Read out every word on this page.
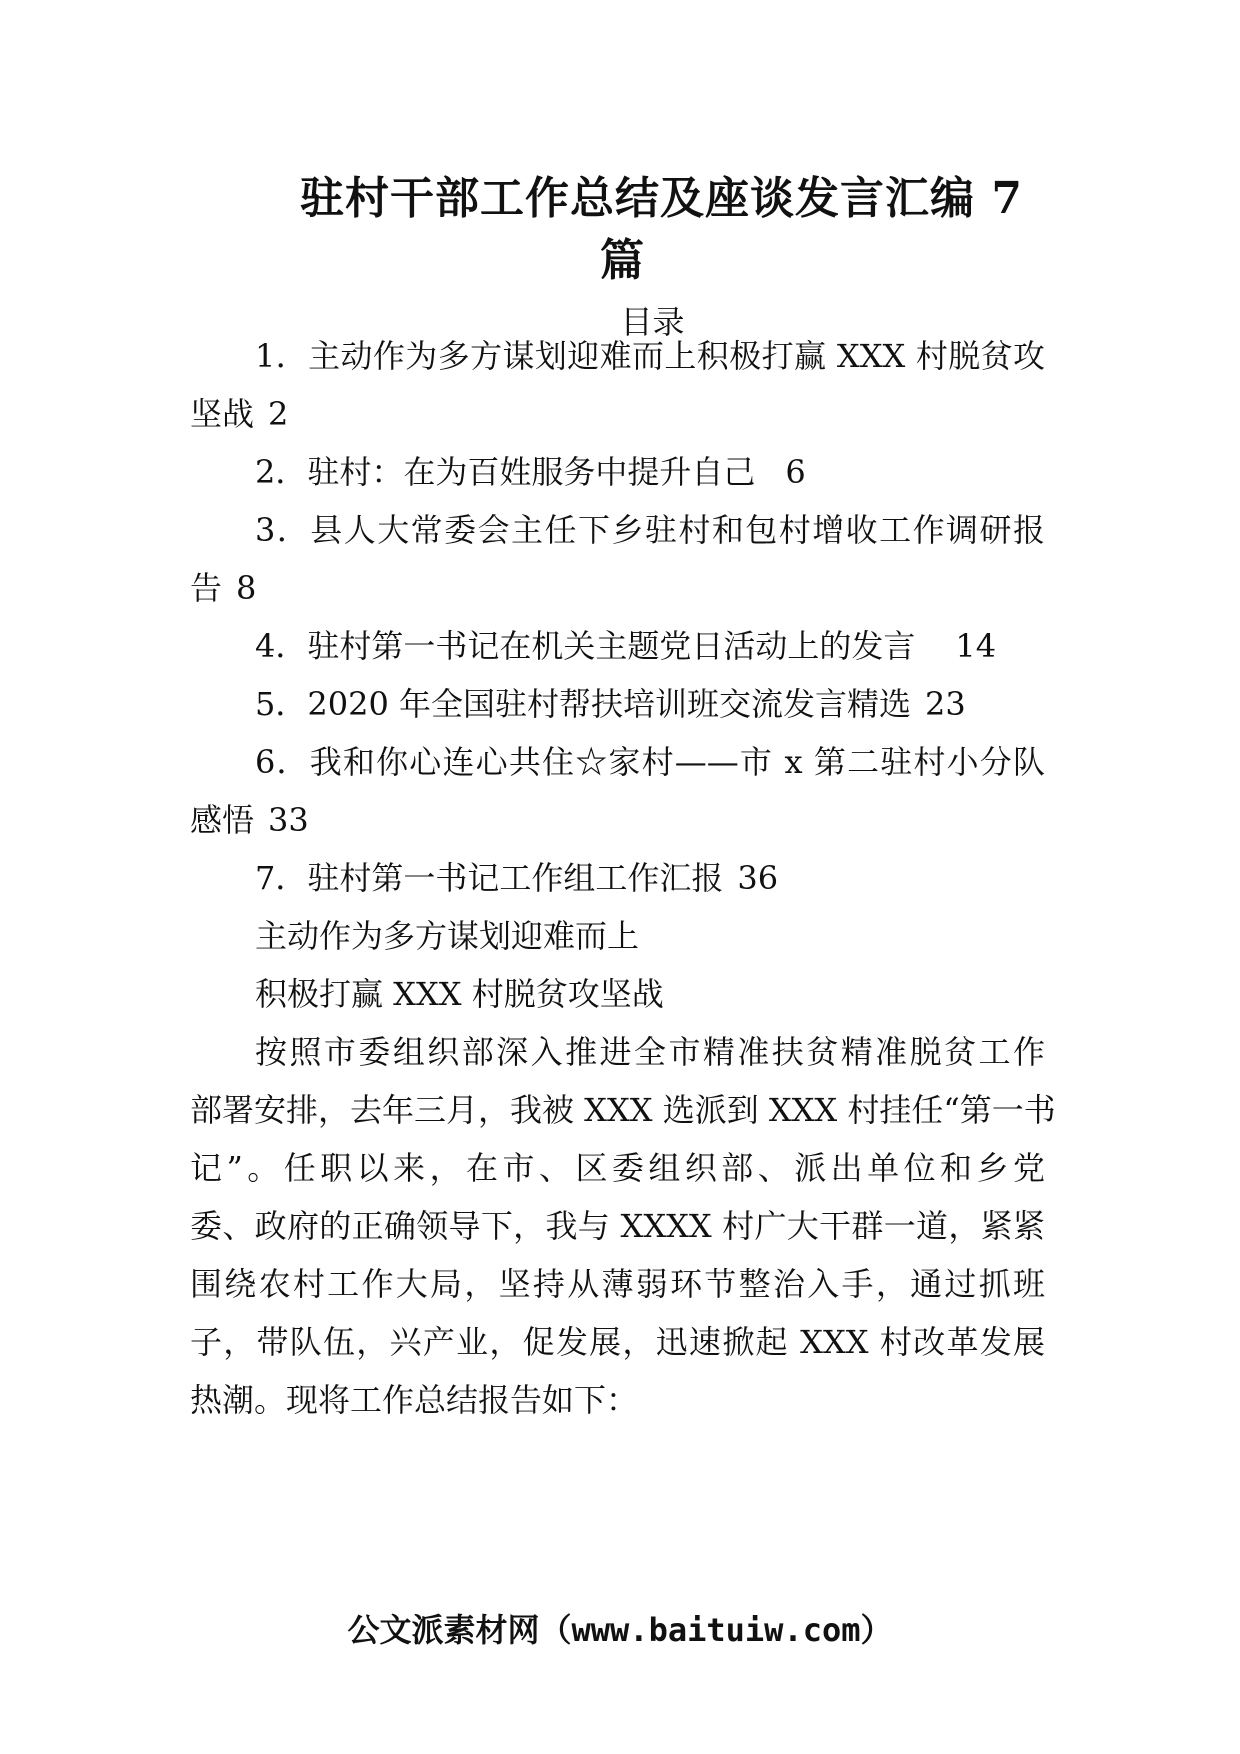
驻村干部工作总结及座谈发言汇编 7
篇
目录
1．主动作为多方谋划迎难而上积极打赢 XXX 村脱贫攻
坚战 2
2．驻村：在为百姓服务中提升自己 6
3．县人大常委会主任下乡驻村和包村增收工作调研报
告 8
4．驻村第一书记在机关主题党日活动上的发言 14
5．2020 年全国驻村帮扶培训班交流发言精选 23
6．我和你心连心共住☆家村——市 x 第二驻村小分队
感悟 33
7．驻村第一书记工作组工作汇报 36
主动作为多方谋划迎难而上
积极打赢 XXX 村脱贫攻坚战
按照市委组织部深入推进全市精准扶贫精准脱贫工作
部署安排，去年三月，我被 XXX 选派到 XXX 村挂任“第一书
记”。任职以来，在市、区委组织部、派出单位和乡党
委、政府的正确领导下，我与 XXXX 村广大干群一道，紧紧
围绕农村工作大局，坚持从薄弱环节整治入手，通过抓班
子，带队伍，兴产业，促发展，迅速掀起 XXX 村改革发展
热潮。现将工作总结报告如下：
公文派素材网（www.baituiw.com）
